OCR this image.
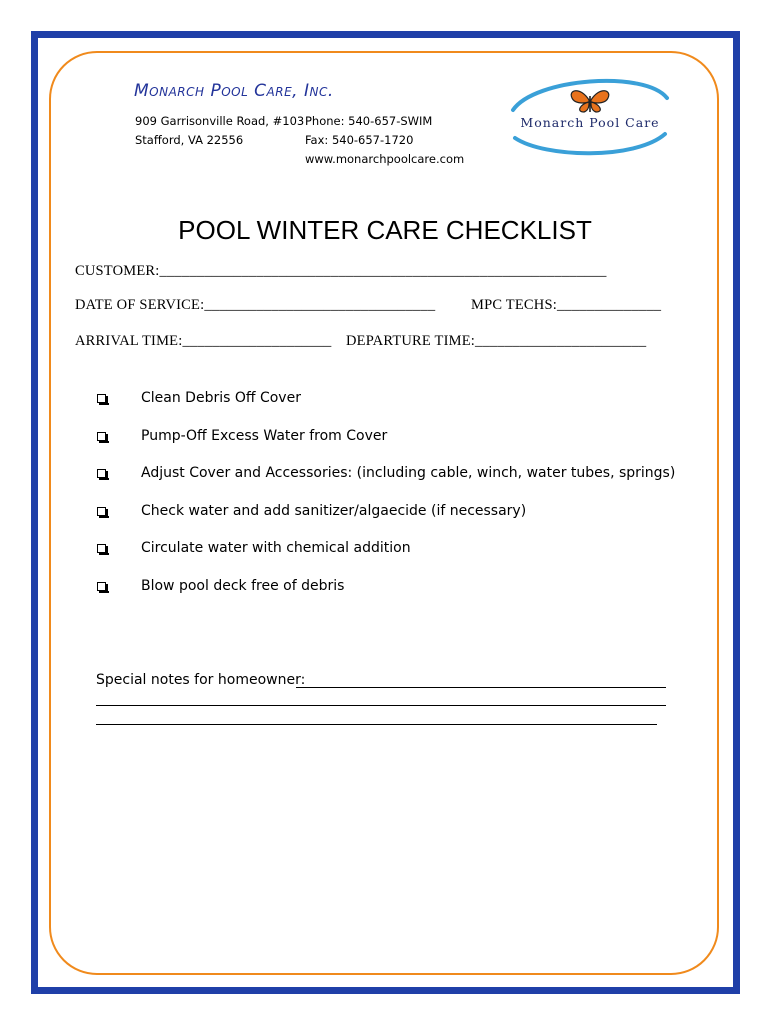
Monarch Pool Care, Inc.
909 Garrisonville Road, #103
Stafford, VA 22556
Phone: 540-657-SWIM
Fax: 540-657-1720
www.monarchpoolcare.com
Monarch Pool Care
POOL WINTER CARE CHECKLIST
CUSTOMER:____________________________________________________________
DATE OF SERVICE:_______________________________ MPC TECHS:______________
ARRIVAL TIME:____________________ DEPARTURE TIME:_______________________
Clean Debris Off Cover
Pump-Off Excess Water from Cover
Adjust Cover and Accessories: (including cable, winch, water tubes, springs)
Check water and add sanitizer/algaecide (if necessary)
Circulate water with chemical addition
Blow pool deck free of debris
Special notes for homeowner:
